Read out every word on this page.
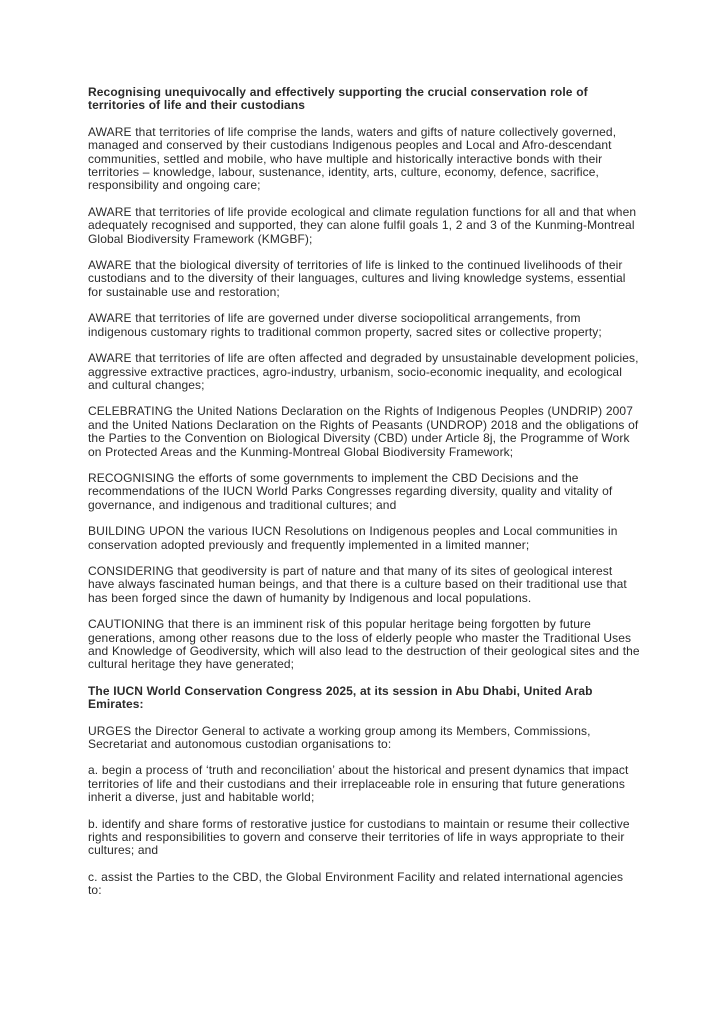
Recognising unequivocally and effectively supporting the crucial conservation role of territories of life and their custodians

AWARE that territories of life comprise the lands, waters and gifts of nature collectively governed, managed and conserved by their custodians Indigenous peoples and Local and Afro-descendant communities, settled and mobile, who have multiple and historically interactive bonds with their territories – knowledge, labour, sustenance, identity, arts, culture, economy, defence, sacrifice, responsibility and ongoing care;

AWARE that territories of life provide ecological and climate regulation functions for all and that when adequately recognised and supported, they can alone fulfil goals 1, 2 and 3 of the Kunming-Montreal Global Biodiversity Framework (KMGBF);

AWARE that the biological diversity of territories of life is linked to the continued livelihoods of their custodians and to the diversity of their languages, cultures and living knowledge systems, essential for sustainable use and restoration;

AWARE that territories of life are governed under diverse sociopolitical arrangements, from indigenous customary rights to traditional common property, sacred sites or collective property;

AWARE that territories of life are often affected and degraded by unsustainable development policies, aggressive extractive practices, agro-industry, urbanism, socio-economic inequality, and ecological and cultural changes;

CELEBRATING the United Nations Declaration on the Rights of Indigenous Peoples (UNDRIP) 2007 and the United Nations Declaration on the Rights of Peasants (UNDROP) 2018 and the obligations of the Parties to the Convention on Biological Diversity (CBD) under Article 8j, the Programme of Work on Protected Areas and the Kunming-Montreal Global Biodiversity Framework;

RECOGNISING the efforts of some governments to implement the CBD Decisions and the recommendations of the IUCN World Parks Congresses regarding diversity, quality and vitality of governance, and indigenous and traditional cultures; and

BUILDING UPON the various IUCN Resolutions on Indigenous peoples and Local communities in conservation adopted previously and frequently implemented in a limited manner;

CONSIDERING that geodiversity is part of nature and that many of its sites of geological interest have always fascinated human beings, and that there is a culture based on their traditional use that has been forged since the dawn of humanity by Indigenous and local populations.

CAUTIONING that there is an imminent risk of this popular heritage being forgotten by future generations, among other reasons due to the loss of elderly people who master the Traditional Uses and Knowledge of Geodiversity, which will also lead to the destruction of their geological sites and the cultural heritage they have generated;

The IUCN World Conservation Congress 2025, at its session in Abu Dhabi, United Arab Emirates:

URGES the Director General to activate a working group among its Members, Commissions, Secretariat and autonomous custodian organisations to:

a. begin a process of ‘truth and reconciliation’ about the historical and present dynamics that impact territories of life and their custodians and their irreplaceable role in ensuring that future generations inherit a diverse, just and habitable world;

b. identify and share forms of restorative justice for custodians to maintain or resume their collective rights and responsibilities to govern and conserve their territories of life in ways appropriate to their cultures; and

c. assist the Parties to the CBD, the Global Environment Facility and related international agencies to:
